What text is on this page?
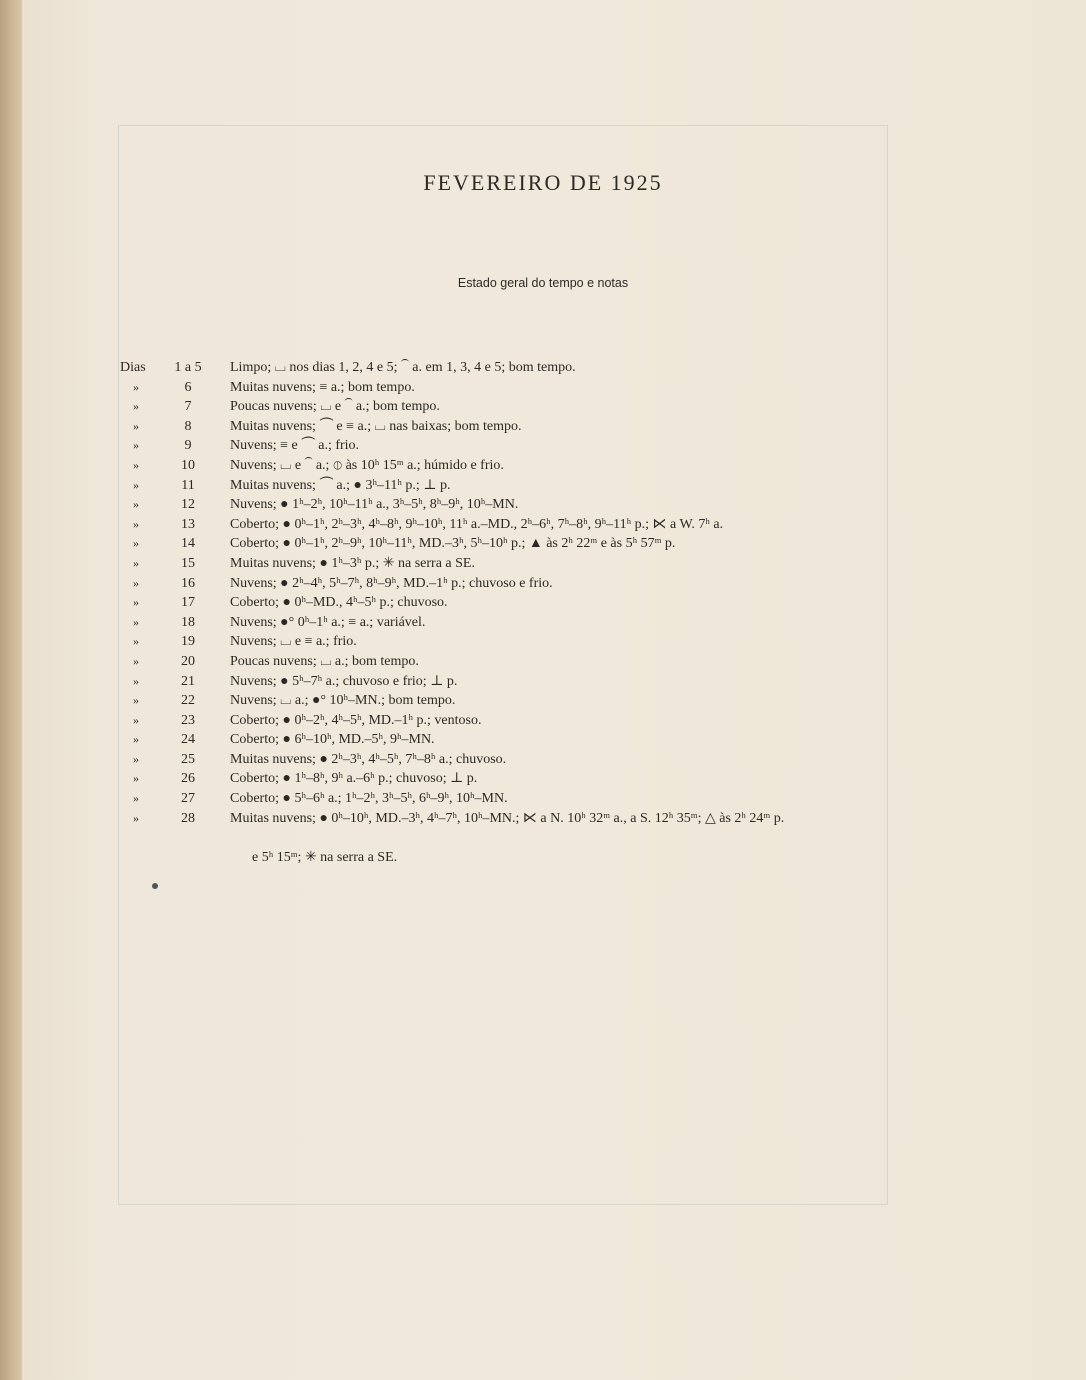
FEVEREIRO DE 1925
Estado geral do tempo e notas
Dias	1 a 5	Limpo; ⌴ nos dias 1, 2, 4 e 5; ⏜ a. em 1, 3, 4 e 5; bom tempo.
»	6	Muitas nuvens; ≡ a.; bom tempo.
»	7	Poucas nuvens; ⌴ e ⏜ a.; bom tempo.
»	8	Muitas nuvens; ⏜ e ≡ a.; ⌴ nas baixas; bom tempo.
»	9	Nuvens; ≡ e ⏜ a.; frio.
»	10	Nuvens; ⌴ e ⏜ a.; ⦶ às 10ʰ 15ᵐ a.; húmido e frio.
»	11	Muitas nuvens; ⏜ a.; ● 3ʰ–11ʰ p.; ⊥ p.
»	12	Nuvens; ● 1ʰ–2ʰ, 10ʰ–11ʰ a., 3ʰ–5ʰ, 8ʰ–9ʰ, 10ʰ–MN.
»	13	Coberto; ● 0ʰ–1ʰ, 2ʰ–3ʰ, 4ʰ–8ʰ, 9ʰ–10ʰ, 11ʰ a.–MD., 2ʰ–6ʰ, 7ʰ–8ʰ, 9ʰ–11ʰ p.; ⋉ a W. 7ʰ a.
»	14	Coberto; ● 0ʰ–1ʰ, 2ʰ–9ʰ, 10ʰ–11ʰ, MD.–3ʰ, 5ʰ–10ʰ p.; ▲ às 2ʰ 22ᵐ e às 5ʰ 57ᵐ p.
»	15	Muitas nuvens; ● 1ʰ–3ʰ p.; ✳ na serra a SE.
»	16	Nuvens; ● 2ʰ–4ʰ, 5ʰ–7ʰ, 8ʰ–9ʰ, MD.–1ʰ p.; chuvoso e frio.
»	17	Coberto; ● 0ʰ–MD., 4ʰ–5ʰ p.; chuvoso.
»	18	Nuvens; ●° 0ʰ–1ʰ a.; ≡ a.; variável.
»	19	Nuvens; ⌴ e ≡ a.; frio.
»	20	Poucas nuvens; ⌴ a.; bom tempo.
»	21	Nuvens; ● 5ʰ–7ʰ a.; chuvoso e frio; ⊥ p.
»	22	Nuvens; ⌴ a.; ●° 10ʰ–MN.; bom tempo.
»	23	Coberto; ● 0ʰ–2ʰ, 4ʰ–5ʰ, MD.–1ʰ p.; ventoso.
»	24	Coberto; ● 6ʰ–10ʰ, MD.–5ʰ, 9ʰ–MN.
»	25	Muitas nuvens; ● 2ʰ–3ʰ, 4ʰ–5ʰ, 7ʰ–8ʰ a.; chuvoso.
»	26	Coberto; ● 1ʰ–8ʰ, 9ʰ a.–6ʰ p.; chuvoso; ⊥ p.
»	27	Coberto; ● 5ʰ–6ʰ a.; 1ʰ–2ʰ, 3ʰ–5ʰ, 6ʰ–9ʰ, 10ʰ–MN.
»	28	Muitas nuvens; ● 0ʰ–10ʰ, MD.–3ʰ, 4ʰ–7ʰ, 10ʰ–MN.; ⋉ a N. 10ʰ 32ᵐ a., a S. 12ʰ 35ᵐ; △ às 2ʰ 24ᵐ p.
e 5ʰ 15ᵐ; ✳ na serra a SE.
